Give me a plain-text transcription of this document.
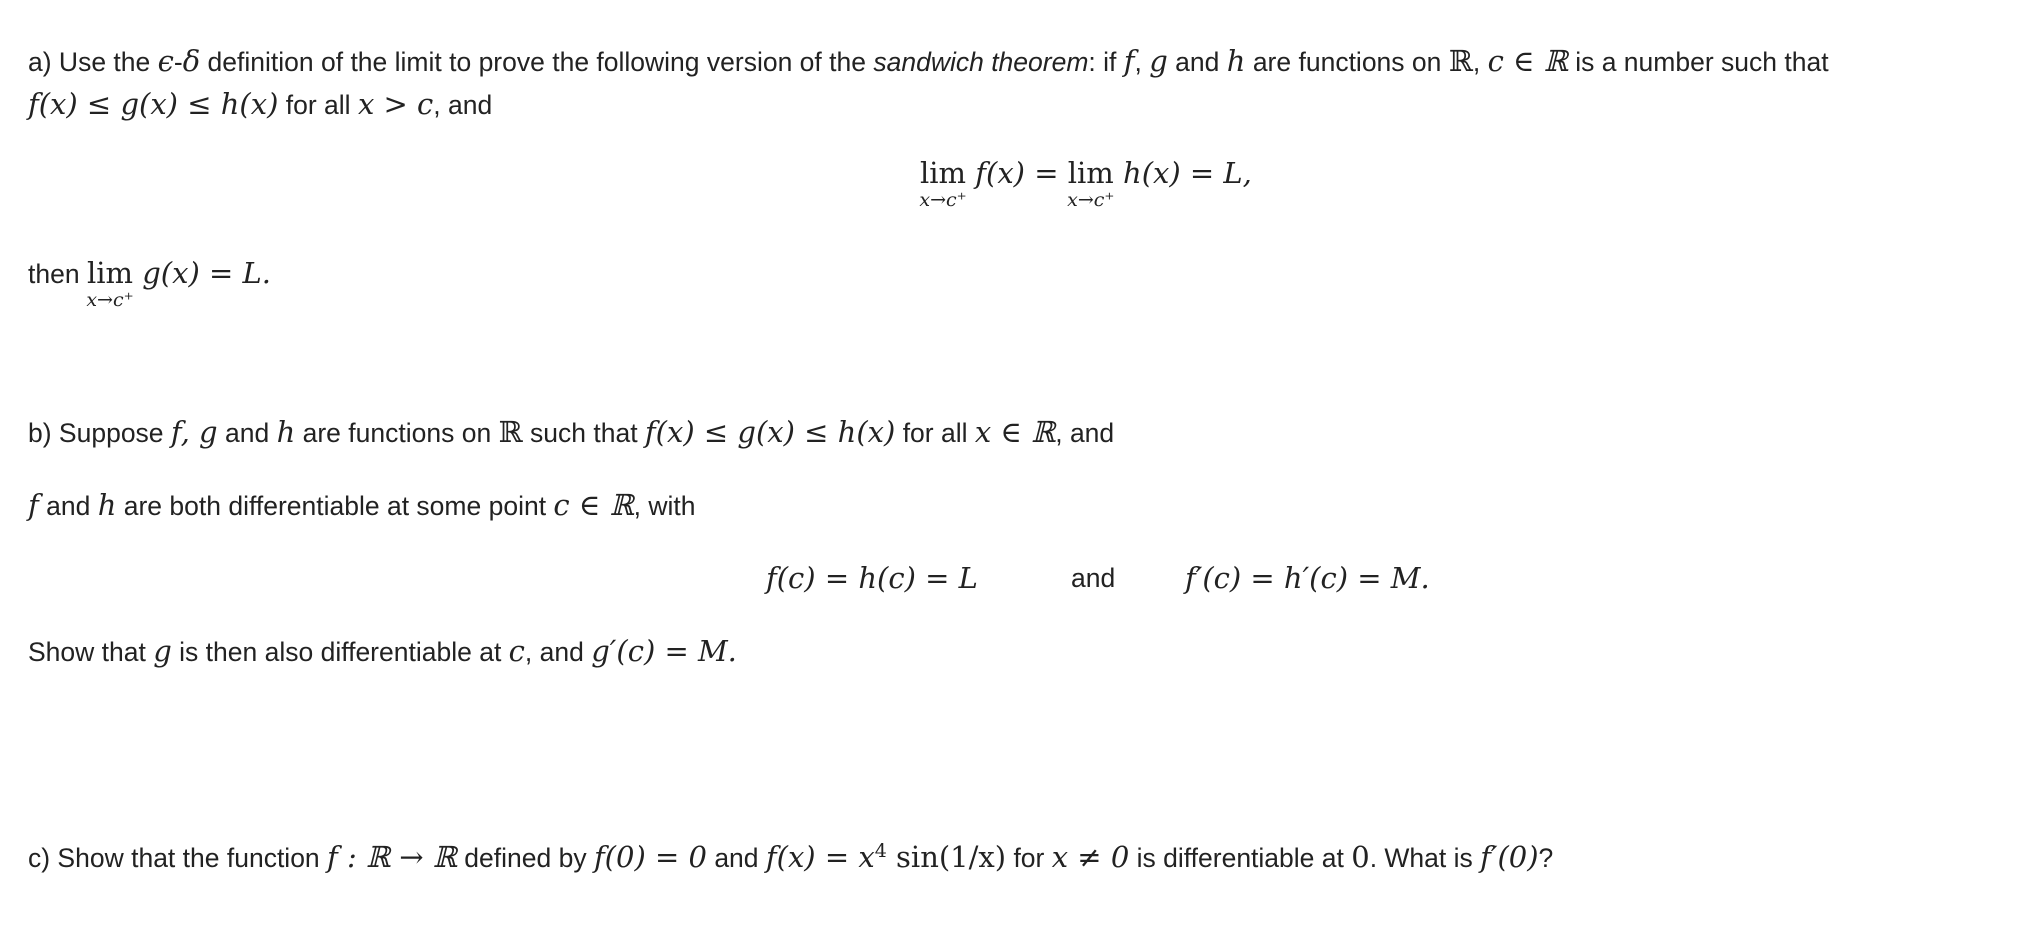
a) Use the ϵ-δ definition of the limit to prove the following version of the sandwich theorem: if f, g and h are functions on ℝ, c ∈ ℝ is a number such that
f(x) ≤ g(x) ≤ h(x) for all x > c, and
lim
x→c⁺
f(x) = lim
x→c⁺
h(x) = L,
then lim
x→c⁺
g(x) = L.
b) Suppose f, g and h are functions on ℝ such that f(x) ≤ g(x) ≤ h(x) for all x ∈ ℝ, and
f and h are both differentiable at some point c ∈ ℝ, with
f(c) = h(c) = L	and f′(c) = h′(c) = M.
Show that g is then also differentiable at c, and g′(c) = M.
c) Show that the function f : ℝ → ℝ defined by f(0) = 0 and $f(x) = x^4$ sin(1/x) for x ≠ 0 is differentiable at 0. What is f′(0)?
